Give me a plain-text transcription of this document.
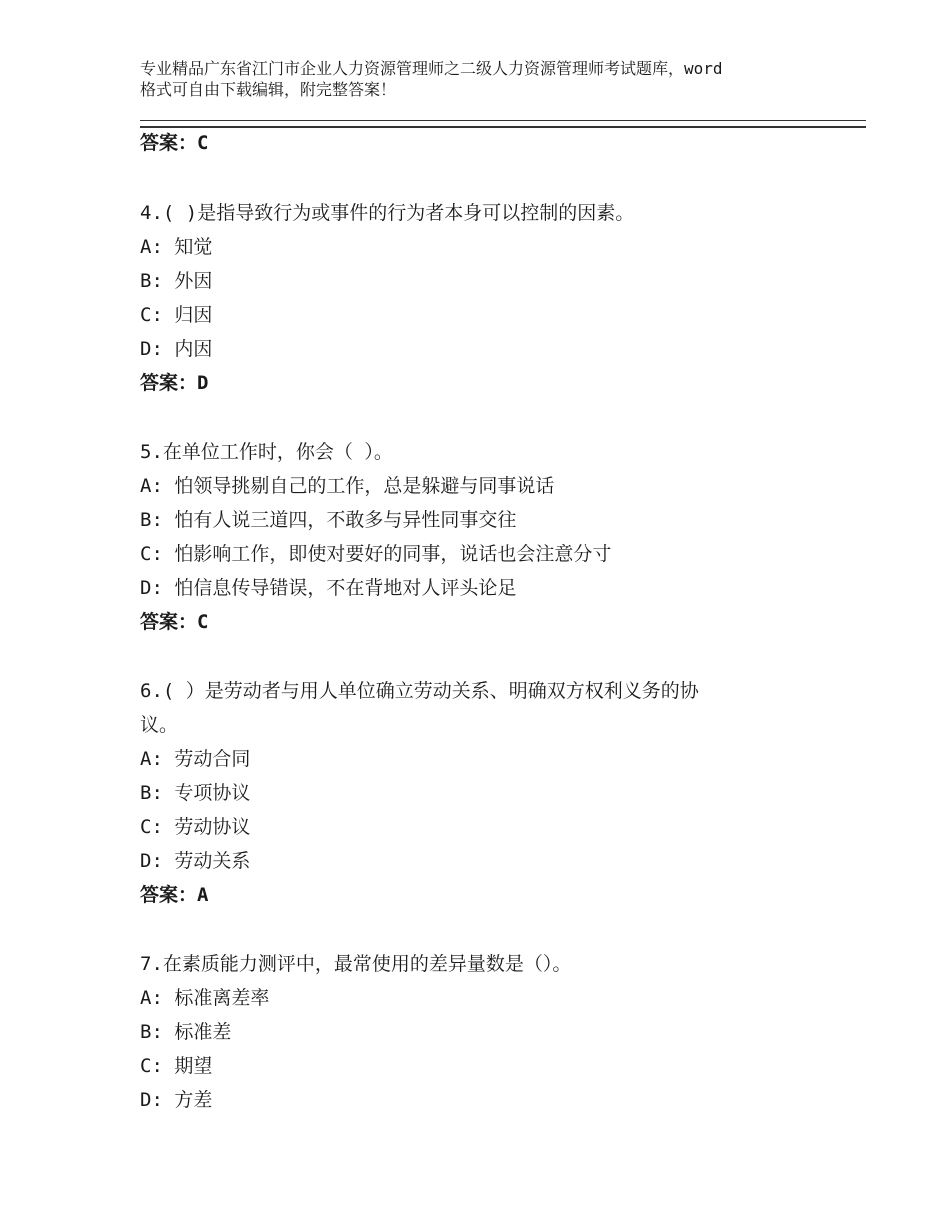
专业精品广东省江门市企业人力资源管理师之二级人力资源管理师考试题库，word
格式可自由下载编辑，附完整答案！
答案：C
4.( )是指导致行为或事件的行为者本身可以控制的因素。
A: 知觉
B: 外因
C: 归因
D: 内因
答案：D
5.在单位工作时，你会（ ）。
A: 怕领导挑剔自己的工作，总是躲避与同事说话
B: 怕有人说三道四，不敢多与异性同事交往
C: 怕影响工作，即使对要好的同事，说话也会注意分寸
D: 怕信息传导错误，不在背地对人评头论足
答案：C
6.( ）是劳动者与用人单位确立劳动关系、明确双方权利义务的协
议。
A: 劳动合同
B: 专项协议
C: 劳动协议
D: 劳动关系
答案：A
7.在素质能力测评中，最常使用的差异量数是（）。
A: 标准离差率
B: 标准差
C: 期望
D: 方差
